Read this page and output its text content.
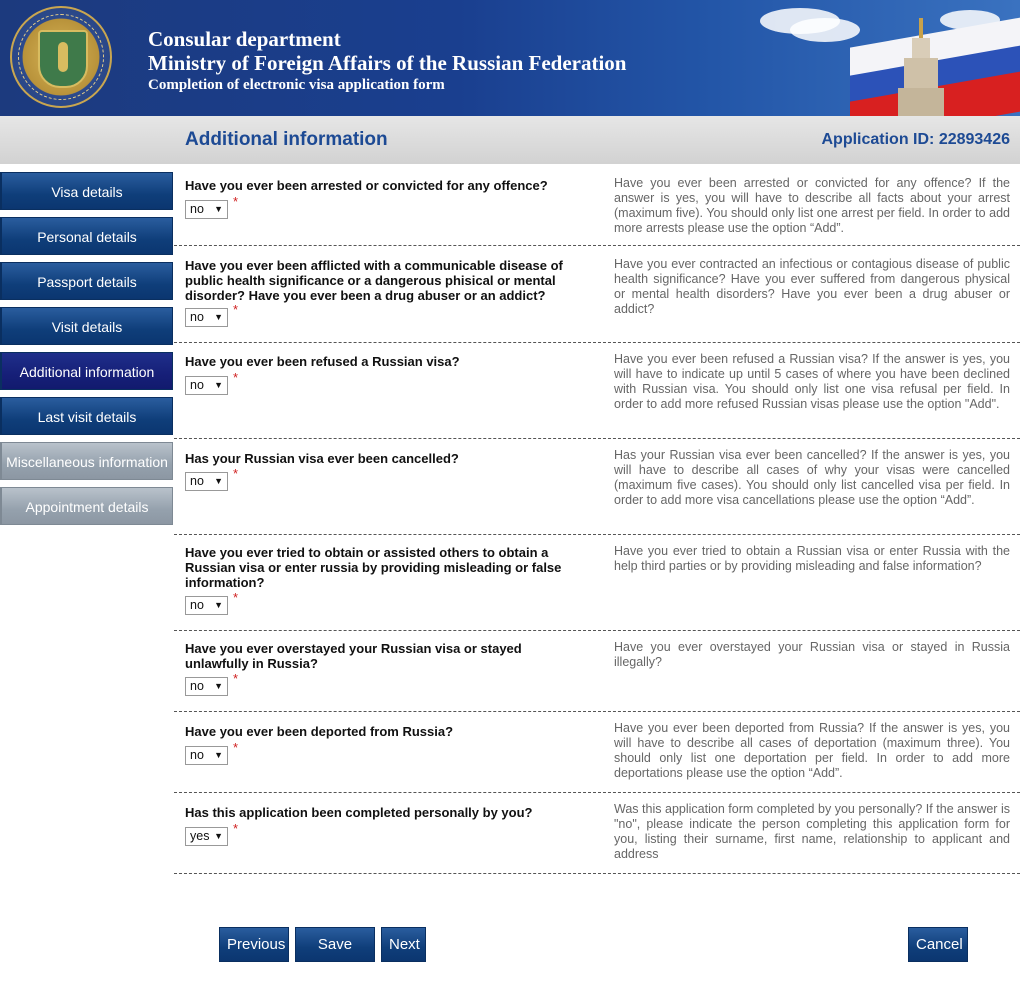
Consular department
Ministry of Foreign Affairs of the Russian Federation
Completion of electronic visa application form
Additional information	Application ID: 22893426
Visa details
Personal details
Passport details
Visit details
Additional information
Last visit details
Miscellaneous information
Appointment details
Have you ever been arrested or convicted for any offence?
no ▼ *
Have you ever been arrested or convicted for any offence? If the answer is yes, you will have to describe all facts about your arrest (maximum five). You should only list one arrest per field. In order to add more arrests please use the option “Add”.
Have you ever been afflicted with a communicable disease of public health significance or a dangerous phisical or mental disorder? Have you ever been a drug abuser or an addict?
no ▼ *
Have you ever contracted an infectious or contagious disease of public health significance? Have you ever suffered from dangerous physical or mental health disorders? Have you ever been a drug abuser or addict?
Have you ever been refused a Russian visa?
no ▼ *
Have you ever been refused a Russian visa? If the answer is yes, you will have to indicate up until 5 cases of where you have been declined with Russian visa. You should only list one visa refusal per field. In order to add more refused Russian visas please use the option "Add".
Has your Russian visa ever been cancelled?
no ▼ *
Has your Russian visa ever been cancelled? If the answer is yes, you will have to describe all cases of why your visas were cancelled (maximum five cases). You should only list cancelled visa per field. In order to add more visa cancellations please use the option “Add”.
Have you ever tried to obtain or assisted others to obtain a Russian visa or enter russia by providing misleading or false information?
no ▼ *
Have you ever tried to obtain a Russian visa or enter Russia with the help third parties or by providing misleading and false information?
Have you ever overstayed your Russian visa or stayed unlawfully in Russia?
no ▼ *
Have you ever overstayed your Russian visa or stayed in Russia illegally?
Have you ever been deported from Russia?
no ▼ *
Have you ever been deported from Russia? If the answer is yes, you will have to describe all cases of deportation (maximum three). You should only list one deportation per field. In order to add more deportations please use the option “Add”.
Has this application been completed personally by you?
yes ▼ *
Was this application form completed by you personally? If the answer is "no", please indicate the person completing this application form for you, listing their surname, first name, relationship to applicant and address
Previous	Save draft
Next	Cancel
